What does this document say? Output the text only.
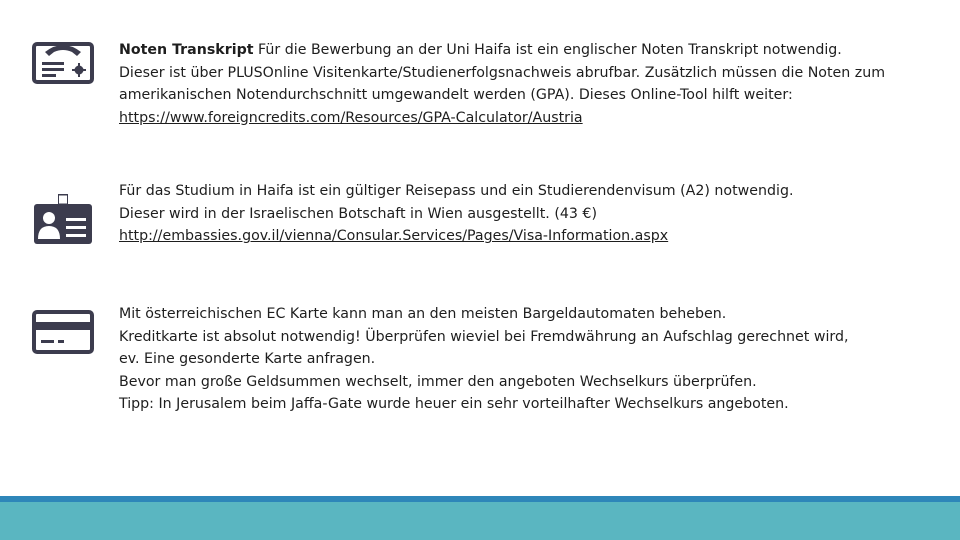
Noten Transkript Für die Bewerbung an der Uni Haifa ist ein englischer Noten Transkript notwendig.

Dieser ist über PLUSOnline Visitenkarte/Studienerfolgsnachweis abrufbar. Zusätzlich müssen die Noten zum

amerikanischen Notendurchschnitt umgewandelt werden (GPA). Dieses Online-Tool hilft weiter:

https://www.foreigncredits.com/Resources/GPA-Calculator/Austria

Für das Studium in Haifa ist ein gültiger Reisepass und ein Studierendenvisum (A2) notwendig.

Dieser wird in der Israelischen Botschaft in Wien ausgestellt. (43 €)

http://embassies.gov.il/vienna/Consular.Services/Pages/Visa-Information.aspx

Mit österreichischen EC Karte kann man an den meisten Bargeldautomaten beheben.

Kreditkarte ist absolut notwendig! Überprüfen wieviel bei Fremdwährung an Aufschlag gerechnet wird,

ev. Eine gesonderte Karte anfragen.

Bevor man große Geldsummen wechselt, immer den angeboten Wechselkurs überprüfen.

Tipp: In Jerusalem beim Jaffa-Gate wurde heuer ein sehr vorteilhafter Wechselkurs angeboten.
